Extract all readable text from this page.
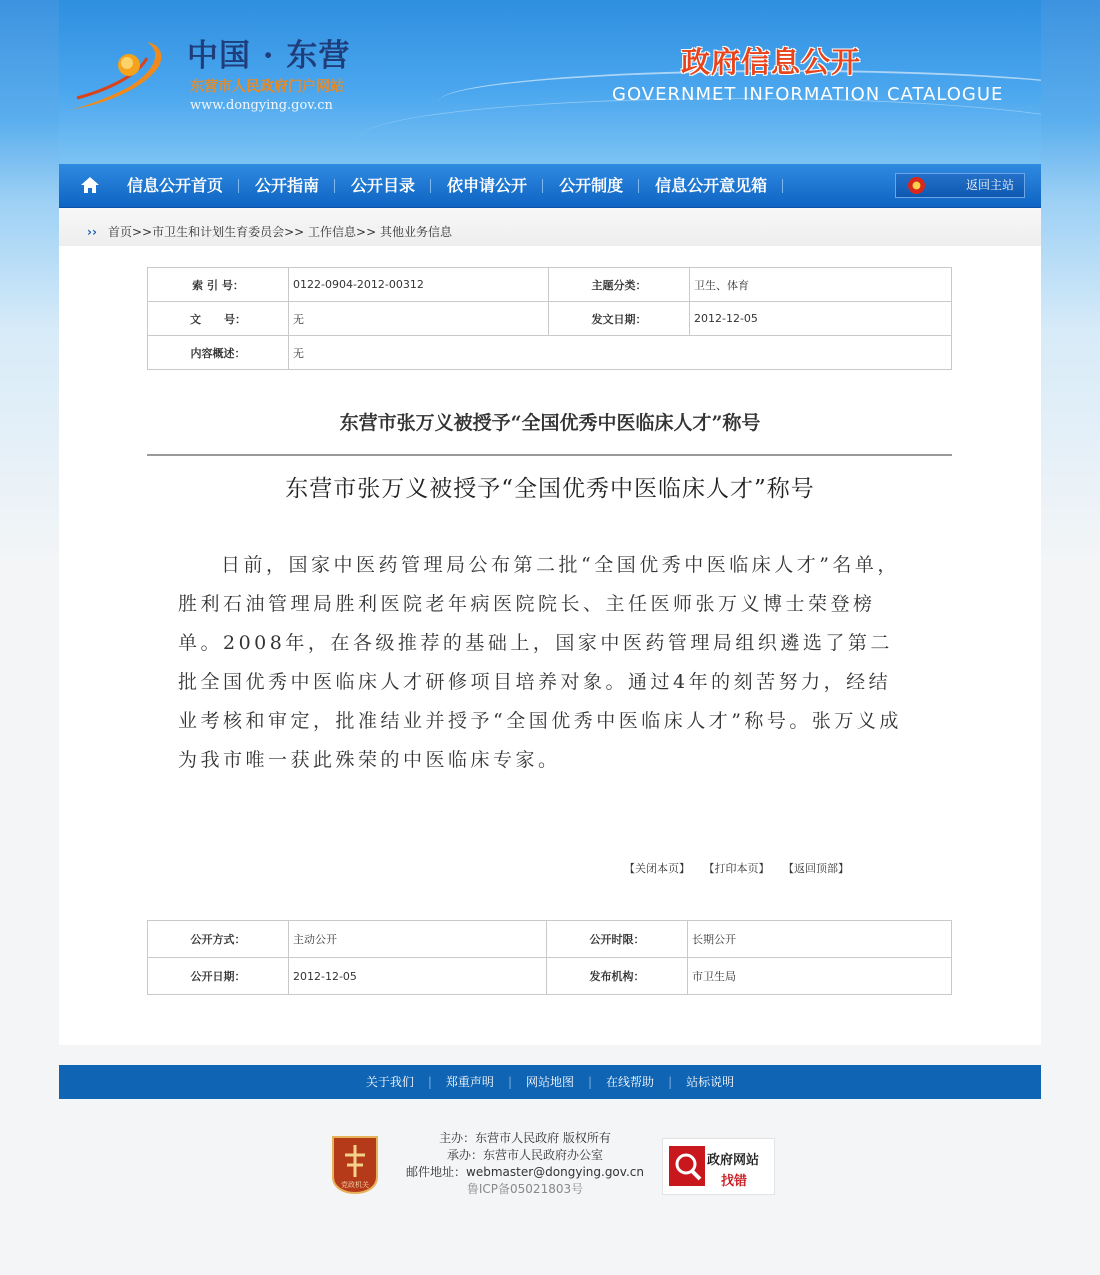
中国 · 东营
东营市人民政府门户网站
www.dongying.gov.cn
政府信息公开
GOVERNMET INFORMATION CATALOGUE
信息公开首页	公开指南	公开目录	依申请公开	公开制度	信息公开意见箱	返回主站
›› 首页>>市卫生和计划生育委员会>> 工作信息>> 其他业务信息
索 引 号：	0122-0904-2012-00312	主题分类：	卫生、体育
文      号：	无	发文日期：	2012-12-05
内容概述：	无		
东营市张万义被授予“全国优秀中医临床人才”称号
东营市张万义被授予“全国优秀中医临床人才”称号
日前，国家中医药管理局公布第二批“全国优秀中医临床人才”名单，胜利石油管理局胜利医院老年病医院院长、主任医师张万义博士荣登榜单。2008年，在各级推荐的基础上，国家中医药管理局组织遴选了第二批全国优秀中医临床人才研修项目培养对象。通过4年的刻苦努力，经结业考核和审定，批准结业并授予“全国优秀中医临床人才”称号。张万义成为我市唯一获此殊荣的中医临床专家。
【关闭本页】 【打印本页】 【返回顶部】
公开方式：	主动公开	公开时限：	长期公开
公开日期：	2012-12-05	发布机构：	市卫生局
关于我们 | 郑重声明 | 网站地图 | 在线帮助 | 站标说明
党政机关
主办：东营市人民政府 版权所有
承办：东营市人民政府办公室
邮件地址：webmaster@dongying.gov.cn
鲁ICP备05021803号
政府网站
找错
